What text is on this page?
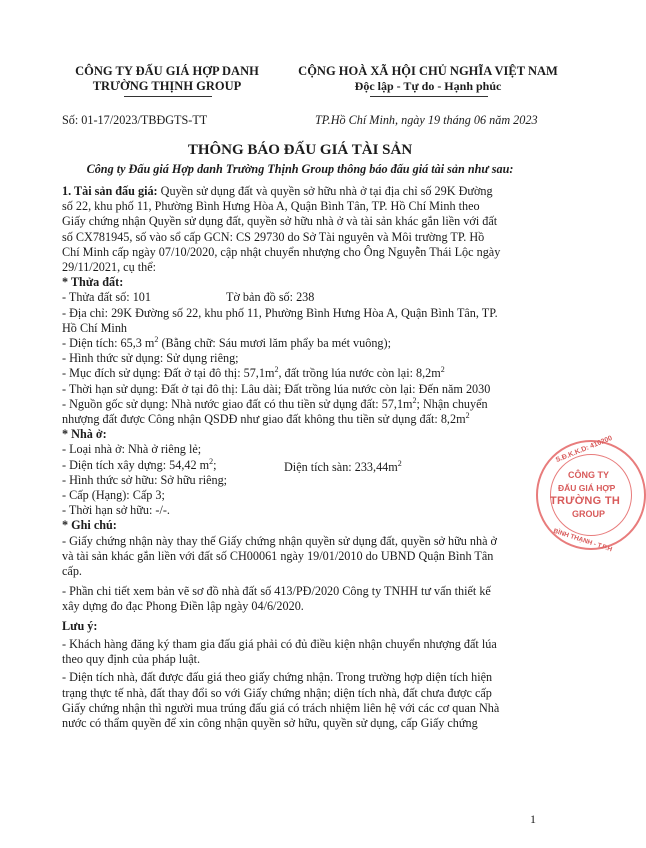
CÔNG TY ĐẤU GIÁ HỢP DANH
TRƯỜNG THỊNH GROUP
CỘNG HOÀ XÃ HỘI CHỦ NGHĨA VIỆT NAM
Độc lập - Tự do - Hạnh phúc
Số: 01-17/2023/TBĐGTS-TT	TP.Hồ Chí Minh, ngày 19 tháng 06 năm 2023
THÔNG BÁO ĐẤU GIÁ TÀI SẢN
Công ty Đấu giá Hợp danh Trường Thịnh Group thông báo đấu giá tài sản như sau:
1. Tài sản đấu giá: Quyền sử dụng đất và quyền sở hữu nhà ở tại địa chỉ số 29K Đường
số 22, khu phố 11, Phường Bình Hưng Hòa A, Quận Bình Tân, TP. Hồ Chí Minh theo
Giấy chứng nhận Quyền sử dụng đất, quyền sở hữu nhà ở và tài sản khác gắn liền với đất
số CX781945, số vào sổ cấp GCN: CS 29730 do Sở Tài nguyên và Môi trường TP. Hồ
Chí Minh cấp ngày 07/10/2020, cập nhật chuyển nhượng cho Ông Nguyễn Thái Lộc ngày
29/11/2021, cụ thể:
* Thửa đất:
- Thửa đất số: 101	Tờ bản đồ số: 238
- Địa chỉ: 29K Đường số 22, khu phố 11, Phường Bình Hưng Hòa A, Quận Bình Tân, TP.
Hồ Chí Minh
- Diện tích: 65,3 $m^2$ (Bằng chữ: Sáu mươi lăm phẩy ba mét vuông);
- Hình thức sử dụng: Sử dụng riêng;
- Mục đích sử dụng: Đất ở tại đô thị: $57,1m^2$, đất trồng lúa nước còn lại: $8,2m^2$
- Thời hạn sử dụng: Đất ở tại đô thị: Lâu dài; Đất trồng lúa nước còn lại: Đến năm 2030
- Nguồn gốc sử dụng: Nhà nước giao đất có thu tiền sử dụng đất: $57,1m^2$; Nhận chuyển
nhượng đất được Công nhận QSDĐ như giao đất không thu tiền sử dụng đất: $8,2m^2$
* Nhà ở:
- Loại nhà ở: Nhà ở riêng lẻ;
- Diện tích xây dựng: 54,42 $m^2$;	Diện tích sàn: $233,44m^2$
- Hình thức sở hữu: Sở hữu riêng;
- Cấp (Hạng): Cấp 3;
- Thời hạn sở hữu: -/-.
* Ghi chú:
- Giấy chứng nhận này thay thế Giấy chứng nhận quyền sử dụng đất, quyền sở hữu nhà ở
và tài sản khác gắn liền với đất số CH00061 ngày 19/01/2010 do UBND Quận Bình Tân
cấp.
- Phần chi tiết xem bản vẽ sơ đồ nhà đất số 413/PĐ/2020 Công ty TNHH tư vấn thiết kế
xây dựng đo đạc Phong Điền lập ngày 04/6/2020.
Lưu ý:
- Khách hàng đăng ký tham gia đấu giá phải có đủ điều kiện nhận chuyển nhượng đất lúa
theo quy định của pháp luật.
- Diện tích nhà, đất được đấu giá theo giấy chứng nhận. Trong trường hợp diện tích hiện
trạng thực tế nhà, đất thay đổi so với Giấy chứng nhận; diện tích nhà, đất chưa được cấp
Giấy chứng nhận thì người mua trúng đấu giá có trách nhiệm liên hệ với các cơ quan Nhà
nước có thẩm quyền để xin công nhận quyền sở hữu, quyền sử dụng, cấp Giấy chứng
S.Đ.K.K.D: 410200
CÔNG TY
ĐẤU GIÁ HỢP
TRƯỜNG TH
GROUP
BÌNH THẠNH - T.P.H
1
